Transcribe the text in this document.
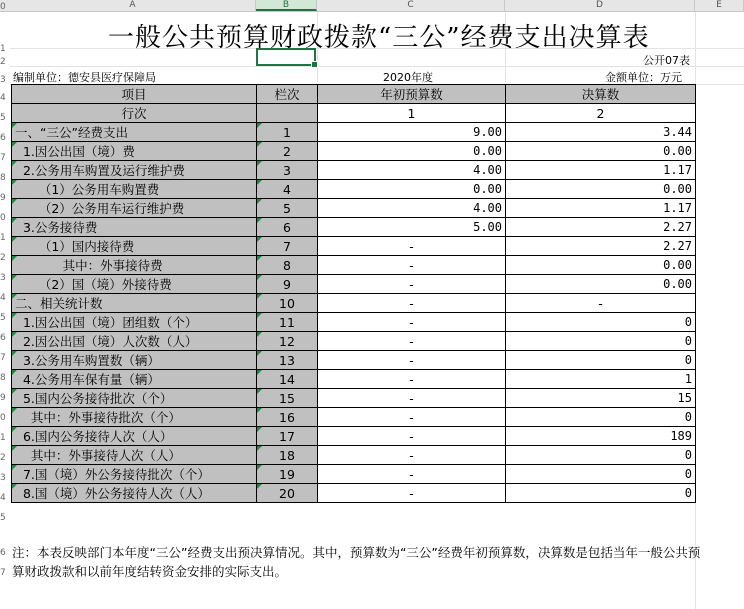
A	B	C	D	E
0
1
2
3
4
5
6
7
8
9
0
1
2
3
4
5
6
7
8
9
0
1
2
3
4
5
6
7
一般公共预算财政拨款“三公”经费支出决算表
公开07表
编制单位：德安县医疗保障局	2020年度	金额单位：万元
项目	栏次	年初预算数	决算数
行次		1	2
一、“三公”经费支出	1	9.00	3.44
1.因公出国（境）费	2	0.00	0.00
2.公务用车购置及运行维护费	3	4.00	1.17
（1）公务用车购置费	4	0.00	0.00
（2）公务用车运行维护费	5	4.00	1.17
3.公务接待费	6	5.00	2.27
（1）国内接待费	7	-	2.27
其中：外事接待费	8	-	0.00
（2）国（境）外接待费	9	-	0.00
二、相关统计数	10	-	-
1.因公出国（境）团组数（个）	11	-	0
2.因公出国（境）人次数（人）	12	-	0
3.公务用车购置数（辆）	13	-	0
4.公务用车保有量（辆）	14	-	1
5.国内公务接待批次（个）	15	-	15
其中：外事接待批次（个）	16	-	0
6.国内公务接待人次（人）	17	-	189
其中：外事接待人次（人）	18	-	0
7.国（境）外公务接待批次（个）	19	-	0
8.国（境）外公务接待人次（人）	20	-	0
注：本表反映部门本年度“三公”经费支出预决算情况。其中，预算数为“三公”经费年初预算数，决算数是包括当年一般公共预算财政拨款和以前年度结转资金安排的实际支出。
